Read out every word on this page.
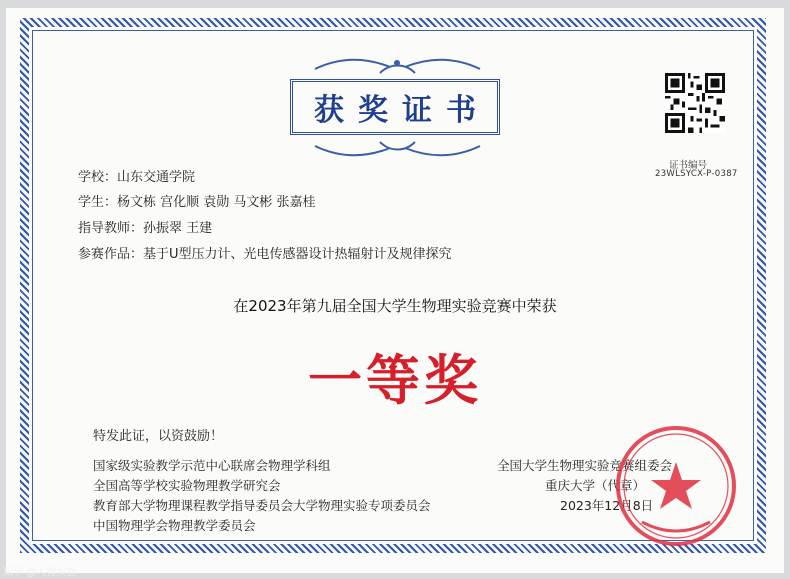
获奖证书
证书编号
23WLSYCX-P-0387
学校：山东交通学院
学生：杨文栋 宫化顺 袁勋 马文彬 张嘉桂
指导教师：孙振翠 王建
参赛作品：基于U型压力计、光电传感器设计热辐射计及规律探究
在2023年第九届全国大学生物理实验竞赛中荣获
一等奖
特发此证，以资鼓励！
国家级实验教学示范中心联席会物理学科组
全国高等学校实验物理教学研究会
教育部大学物理课程教学指导委员会大学物理实验专项委员会
中国物理学会物理教学委员会
全国大学生物理实验竞赛组委会
重庆大学（代章）
2023年12月8日
知乎 @大物实验
